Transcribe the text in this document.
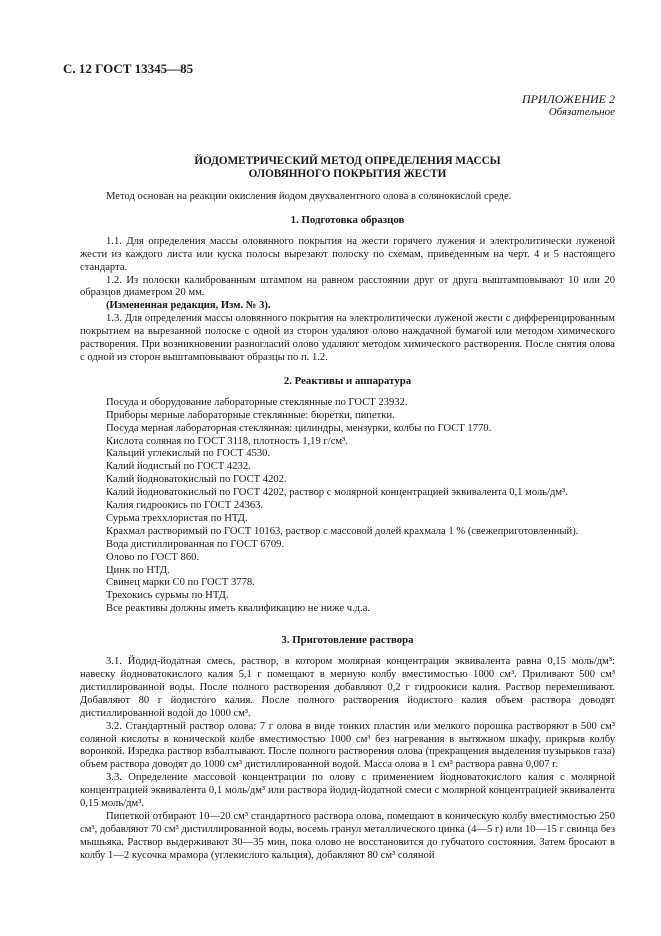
С. 12 ГОСТ 13345—85
ПРИЛОЖЕНИЕ 2
Обязательное
ЙОДОМЕТРИЧЕСКИЙ МЕТОД ОПРЕДЕЛЕНИЯ МАССЫ
ОЛОВЯННОГО ПОКРЫТИЯ ЖЕСТИ

Метод основан на реакции окисления йодом двухвалентного олова в солянокислой среде.

1. Подготовка образцов

1.1. Для определения массы оловянного покрытия на жести горячего лужения и электролитически луженой жести из каждого листа или куска полосы вырезают полоску по схемам, приведенным на черт. 4 и 5 настоящего стандарта.

1.2. Из полоски калиброванным штампом на равном расстоянии друг от друга выштамповывают 10 или 20 образцов диаметром 20 мм.

(Измененная редакция, Изм. № 3).

1.3. Для определения массы оловянного покрытия на электролитически луженой жести с дифференцированным покрытием на вырезанной полоске с одной из сторон удаляют олово наждачной бумагой или методом химического растворения. При возникновении разногласий олово удаляют методом химического растворения. После снятия олова с одной из сторон выштамповывают образцы по п. 1.2.

2. Реактивы и аппаратура
Посуда и оборудование лабораторные стеклянные по ГОСТ 23932.
Приборы мерные лабораторные стеклянные: бюретки, пипетки.
Посуда мерная лабораторная стеклянная: цилиндры, мензурки, колбы по ГОСТ 1770.
Кислота соляная по ГОСТ 3118, плотность 1,19 г/см³.
Кальций углекислый по ГОСТ 4530.
Калий йодистый по ГОСТ 4232.
Калий йодноватокислый по ГОСТ 4202.
Калий йодноватокислый по ГОСТ 4202, раствор с молярной концентрацией эквивалента 0,1 моль/дм³.
Калия гидроокись по ГОСТ 24363.
Сурьма треххлористая по НТД.
Крахмал растворимый по ГОСТ 10163, раствор с массовой долей крахмала 1 % (свежеприготовленный).
Вода дистиллированная по ГОСТ 6709.
Олово по ГОСТ 860.
Цинк по НТД.
Свинец марки С0 по ГОСТ 3778.
Трехокись сурьмы по НТД.
Все реактивы должны иметь квалификацию не ниже ч.д.а.
3. Приготовление раствора

3.1. Йодид-йодатная смесь, раствор, в котором молярная концентрация эквивалента равна 0,15 моль/дм³: навеску йодноватокислого калия 5,1 г помещают в мерную колбу вместимостью 1000 см³. Приливают 500 см³ дистиллированной воды. После полного растворения добавляют 0,2 г гидроокиси калия. Раствор перемешивают. Добавляют 80 г йодистого калия. После полного растворения йодистого калия объем раствора доводят дистиллированной водой до 1000 см³.

3.2. Стандартный раствор олова: 7 г олова в виде тонких пластин или мелкого порошка растворяют в 500 см³ соляной кислоты в конической колбе вместимостью 1000 см³ без нагревания в вытяжном шкафу, прикрыв колбу воронкой. Изредка раствор взбалтывают. После полного растворения олова (прекращения выделения пузырьков газа) объем раствора доводят до 1000 см³ дистиллированной водой. Масса олова в 1 см³ раствора равна 0,007 г.

3.3. Определение массовой концентрации по олову с применением йодноватокислого калия с молярной концентрацией эквивалента 0,1 моль/дм³ или раствора йодид-йодатной смеси с молярной концентрацией эквивалента 0,15 моль/дм³.

Пипеткой отбирают 10—20 см³ стандартного раствора олова, помещают в коническую колбу вместимостью 250 см³, добавляют 70 см³ дистиллированной воды, восемь гранул металлического цинка (4—5 г) или 10—15 г свинца без мышьяка. Раствор выдерживают 30—35 мин, пока олово не восстановится до губчатого состояния. Затем бросают в колбу 1—2 кусочка мрамора (углекислого кальция), добавляют 80 см³ соляной
